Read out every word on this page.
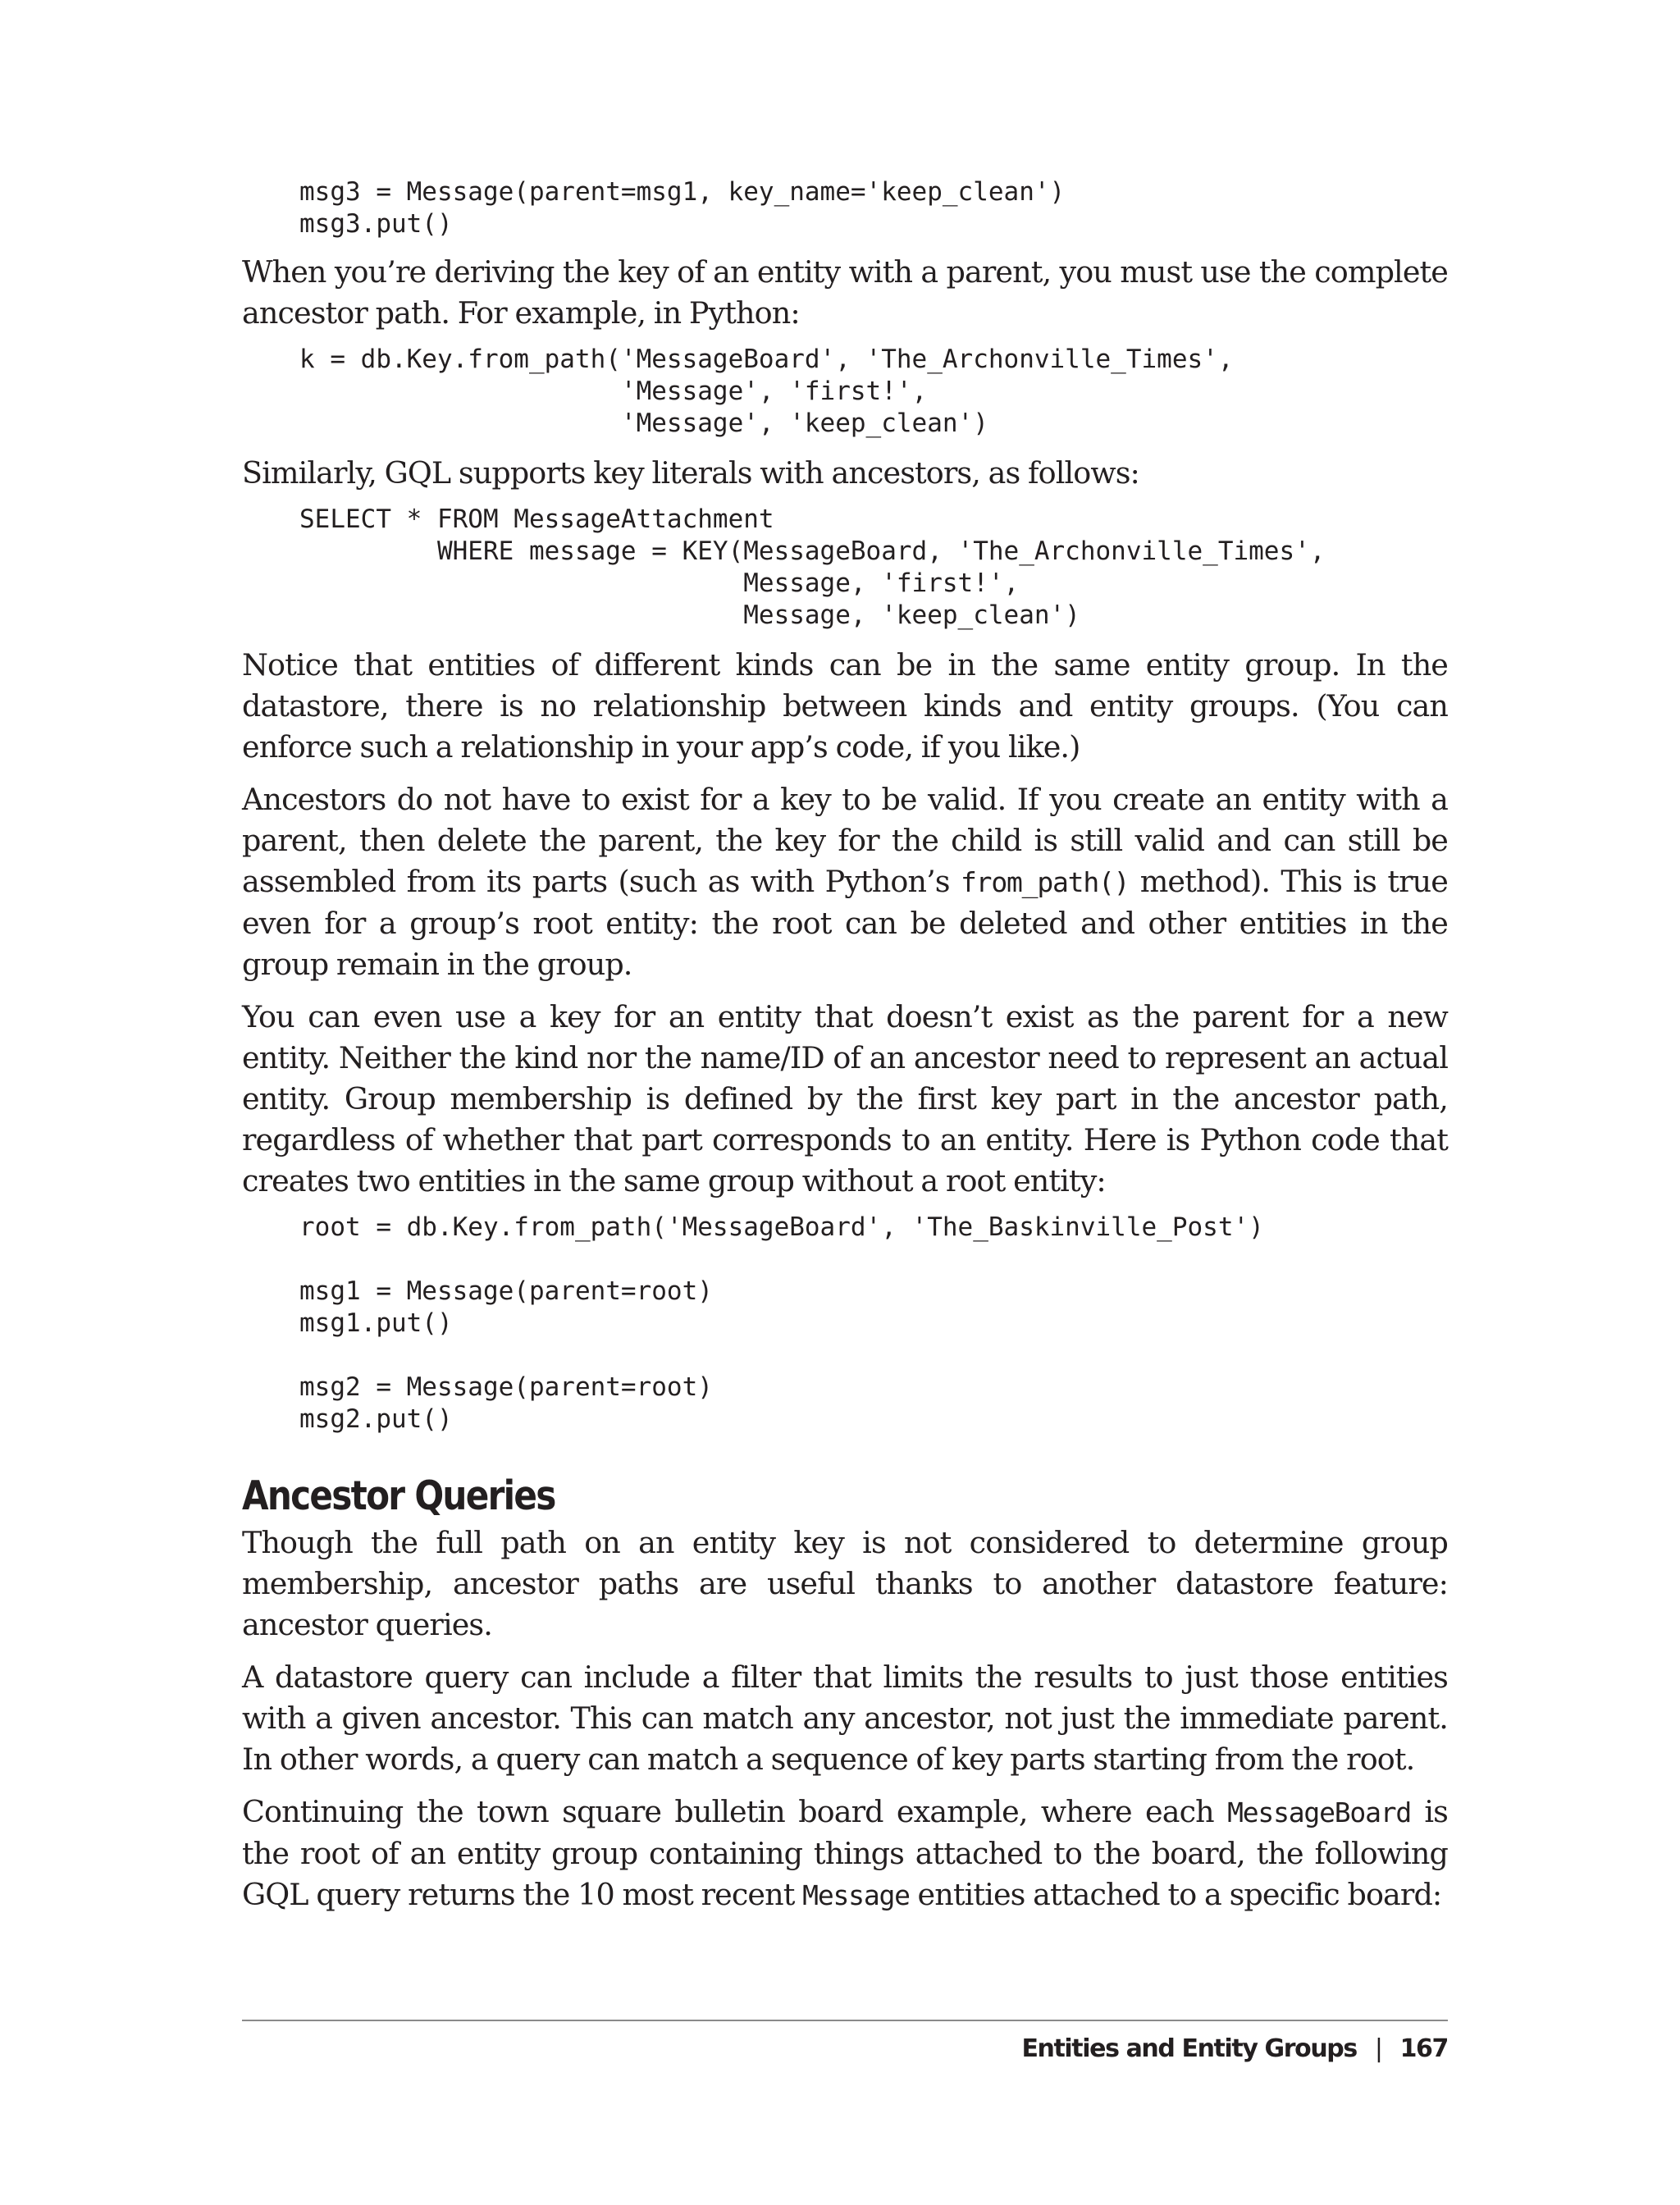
msg3 = Message(parent=msg1, key_name='keep_clean')
msg3.put()

When you’re deriving the key of an entity with a parent, you must use the complete ancestor path. For example, in Python:

k = db.Key.from_path('MessageBoard', 'The_Archonville_Times',
'Message', 'first!',
'Message', 'keep_clean')

Similarly, GQL supports key literals with ancestors, as follows:

SELECT * FROM MessageAttachment
WHERE message = KEY(MessageBoard, 'The_Archonville_Times',
Message, 'first!',
Message, 'keep_clean')

Notice that entities of different kinds can be in the same entity group. In the datastore, there is no relationship between kinds and entity groups. (You can enforce such a relationship in your app’s code, if you like.)

Ancestors do not have to exist for a key to be valid. If you create an entity with a parent, then delete the parent, the key for the child is still valid and can still be assembled from its parts (such as with Python’s from_path() method). This is true even for a group’s root entity: the root can be deleted and other entities in the group remain in the group.

You can even use a key for an entity that doesn’t exist as the parent for a new entity. Neither the kind nor the name/ID of an ancestor need to represent an actual entity. Group membership is defined by the first key part in the ancestor path, regardless of whether that part corresponds to an entity. Here is Python code that creates two entities in the same group without a root entity:

root = db.Key.from_path('MessageBoard', 'The_Baskinville_Post')

msg1 = Message(parent=root)
msg1.put()

msg2 = Message(parent=root)
msg2.put()
Ancestor Queries

Though the full path on an entity key is not considered to determine group membership, ancestor paths are useful thanks to another datastore feature: ancestor queries.

A datastore query can include a filter that limits the results to just those entities with a given ancestor. This can match any ancestor, not just the immediate parent. In other words, a query can match a sequence of key parts starting from the root.

Continuing the town square bulletin board example, where each MessageBoard is the root of an entity group containing things attached to the board, the following GQL query returns the 10 most recent Message entities attached to a specific board:

Entities and Entity Groups | 167
